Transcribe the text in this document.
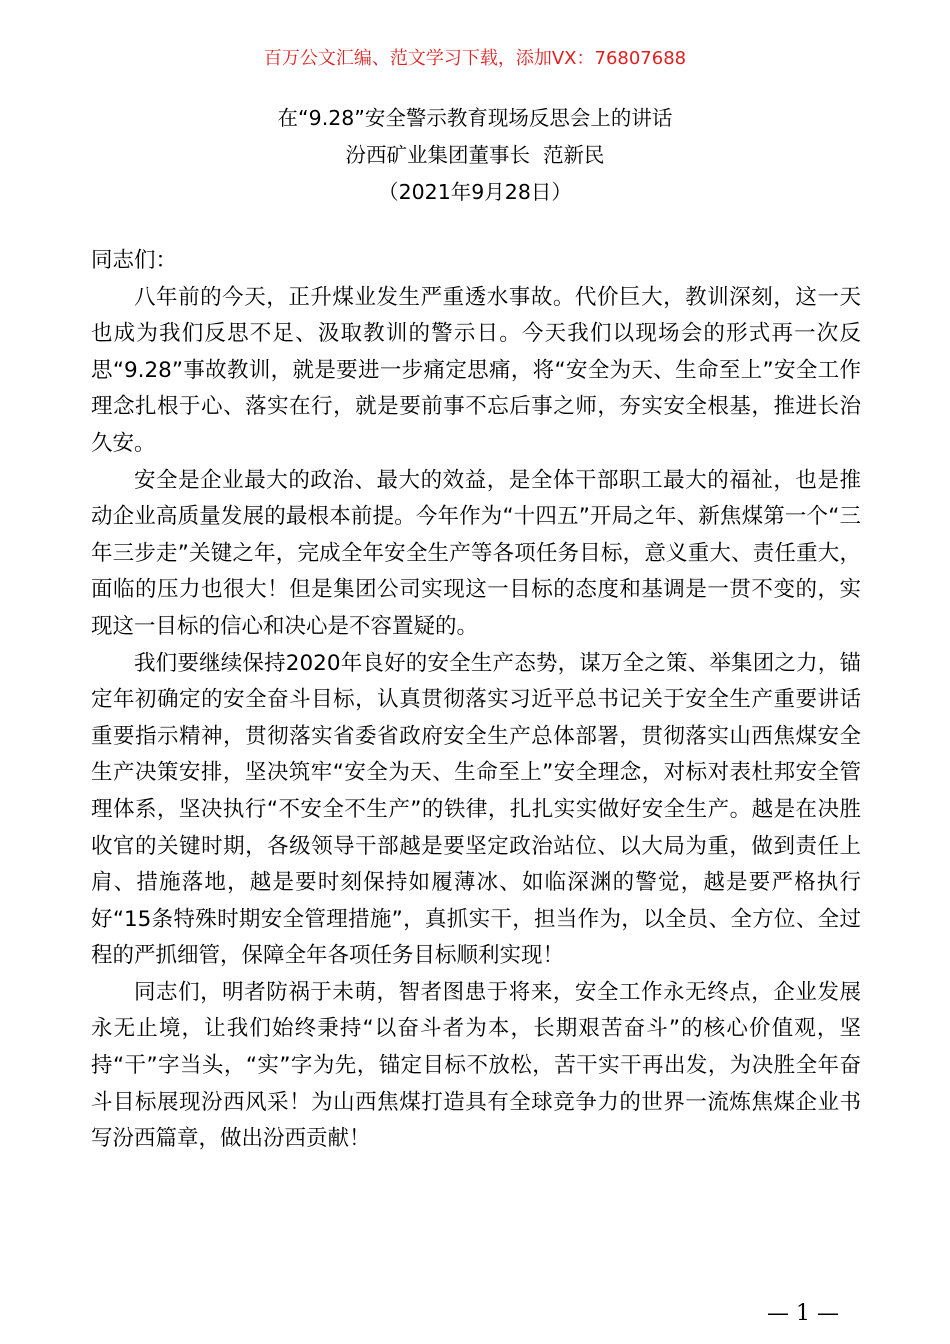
百万公文汇编、范文学习下载，添加VX：76807688
在“9.28”安全警示教育现场反思会上的讲话
汾西矿业集团董事长  范新民
（2021年9月28日）

同志们：

八年前的今天，正升煤业发生严重透水事故。代价巨大，教训深刻，这一天也成为我们反思不足、汲取教训的警示日。今天我们以现场会的形式再一次反思“9.28”事故教训，就是要进一步痛定思痛，将“安全为天、生命至上”安全工作理念扎根于心、落实在行，就是要前事不忘后事之师，夯实安全根基，推进长治久安。

安全是企业最大的政治、最大的效益，是全体干部职工最大的福祉，也是推动企业高质量发展的最根本前提。今年作为“十四五”开局之年、新焦煤第一个“三年三步走”关键之年，完成全年安全生产等各项任务目标，意义重大、责任重大，面临的压力也很大！但是集团公司实现这一目标的态度和基调是一贯不变的，实现这一目标的信心和决心是不容置疑的。

我们要继续保持2020年良好的安全生产态势，谋万全之策、举集团之力，锚定年初确定的安全奋斗目标，认真贯彻落实习近平总书记关于安全生产重要讲话重要指示精神，贯彻落实省委省政府安全生产总体部署，贯彻落实山西焦煤安全生产决策安排，坚决筑牢“安全为天、生命至上”安全理念，对标对表杜邦安全管理体系，坚决执行“不安全不生产”的铁律，扎扎实实做好安全生产。越是在决胜收官的关键时期，各级领导干部越是要坚定政治站位、以大局为重，做到责任上肩、措施落地，越是要时刻保持如履薄冰、如临深渊的警觉，越是要严格执行好“15条特殊时期安全管理措施”，真抓实干，担当作为，以全员、全方位、全过程的严抓细管，保障全年各项任务目标顺利实现！

同志们，明者防祸于未萌，智者图患于将来，安全工作永无终点，企业发展永无止境，让我们始终秉持“以奋斗者为本，长期艰苦奋斗”的核心价值观，坚持“干”字当头，“实”字为先，锚定目标不放松，苦干实干再出发，为决胜全年奋斗目标展现汾西风采！为山西焦煤打造具有全球竞争力的世界一流炼焦煤企业书写汾西篇章，做出汾西贡献！

— 1 —
